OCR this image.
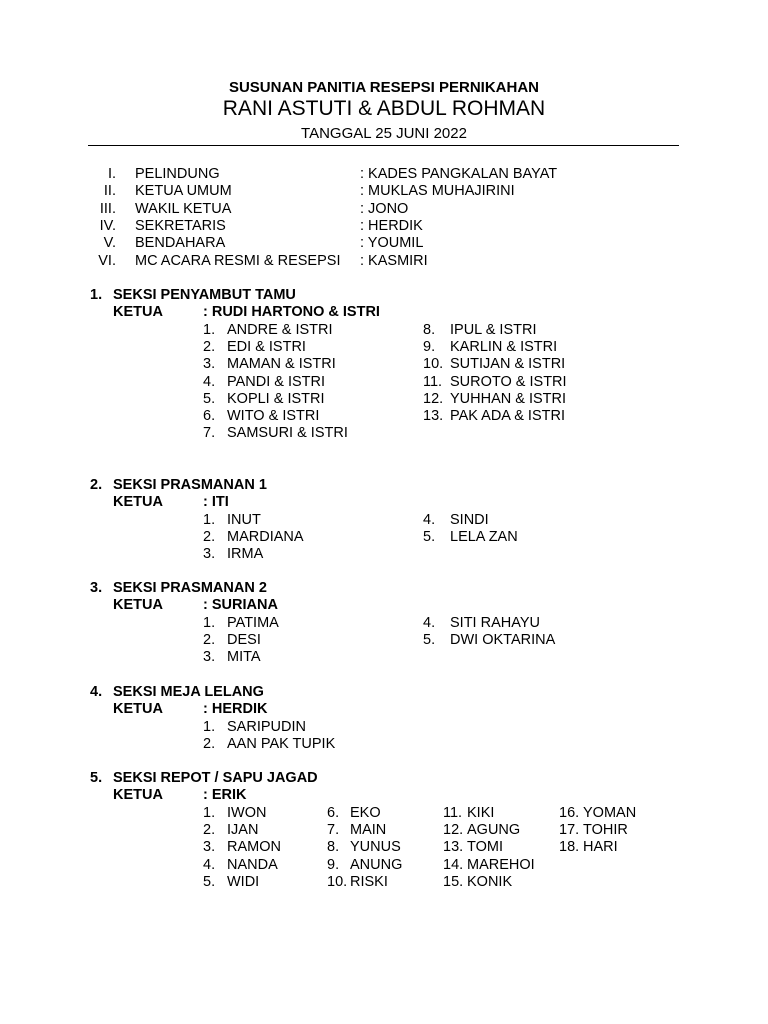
SUSUNAN PANITIA RESEPSI PERNIKAHAN
RANI ASTUTI & ABDUL ROHMAN
TANGGAL 25 JUNI 2022
I. PELINDUNG	: KADES PANGKALAN BAYAT
II. KETUA UMUM	: MUKLAS MUHAJIRINI
III. WAKIL KETUA	: JONO
IV. SEKRETARIS	: HERDIK
V. BENDAHARA	: YOUMIL
VI. MC ACARA RESMI & RESEPSI : KASMIRI
1. SEKSI PENYAMBUT TAMU
KETUA	: RUDI HARTONO & ISTRI
1. ANDRE & ISTRI
2. EDI & ISTRI
3. MAMAN & ISTRI
4. PANDI & ISTRI
5. KOPLI & ISTRI
6. WITO & ISTRI
7. SAMSURI & ISTRI
8. IPUL & ISTRI
9. KARLIN & ISTRI
10. SUTIJAN & ISTRI
11. SUROTO & ISTRI
12. YUHHAN & ISTRI
13. PAK ADA & ISTRI
2. SEKSI PRASMANAN 1
KETUA	: ITI
1. INUT
2. MARDIANA
3. IRMA
4. SINDI
5. LELA ZAN
3. SEKSI PRASMANAN 2
KETUA	: SURIANA
1. PATIMA
2. DESI
3. MITA
4. SITI RAHAYU
5. DWI OKTARINA
4. SEKSI MEJA LELANG
KETUA	: HERDIK
1. SARIPUDIN
2. AAN PAK TUPIK
5. SEKSI REPOT / SAPU JAGAD
KETUA	: ERIK
1. IWON
2. IJAN
3. RAMON
4. NANDA
5. WIDI
6. EKO
7. MAIN
8. YUNUS
9. ANUNG
10. RISKI
11. KIKI
12. AGUNG
13. TOMI
14. MAREHOI
15. KONIK
16. YOMAN
17. TOHIR
18. HARI
